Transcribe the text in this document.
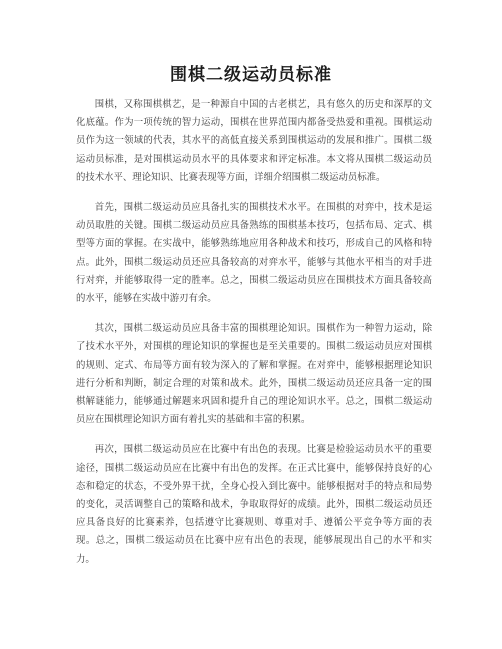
围棋二级运动员标准

围棋，又称围棋棋艺，是一种源自中国的古老棋艺，具有悠久的历史和深厚的文化底蕴。作为一项传统的智力运动，围棋在世界范围内都备受热爱和重视。围棋运动员作为这一领域的代表，其水平的高低直接关系到围棋运动的发展和推广。围棋二级运动员标准，是对围棋运动员水平的具体要求和评定标准。本文将从围棋二级运动员的技术水平、理论知识、比赛表现等方面，详细介绍围棋二级运动员标准。

首先，围棋二级运动员应具备扎实的围棋技术水平。在围棋的对弈中，技术是运动员取胜的关键。围棋二级运动员应具备熟练的围棋基本技巧，包括布局、定式、棋型等方面的掌握。在实战中，能够熟练地应用各种战术和技巧，形成自己的风格和特点。此外，围棋二级运动员还应具备较高的对弈水平，能够与其他水平相当的对手进行对弈，并能够取得一定的胜率。总之，围棋二级运动员应在围棋技术方面具备较高的水平，能够在实战中游刃有余。

其次，围棋二级运动员应具备丰富的围棋理论知识。围棋作为一种智力运动，除了技术水平外，对围棋的理论知识的掌握也是至关重要的。围棋二级运动员应对围棋的规则、定式、布局等方面有较为深入的了解和掌握。在对弈中，能够根据理论知识进行分析和判断，制定合理的对策和战术。此外，围棋二级运动员还应具备一定的围棋解谜能力，能够通过解题来巩固和提升自己的理论知识水平。总之，围棋二级运动员应在围棋理论知识方面有着扎实的基础和丰富的积累。

再次，围棋二级运动员应在比赛中有出色的表现。比赛是检验运动员水平的重要途径，围棋二级运动员应在比赛中有出色的发挥。在正式比赛中，能够保持良好的心态和稳定的状态，不受外界干扰，全身心投入到比赛中。能够根据对手的特点和局势的变化，灵活调整自己的策略和战术，争取取得好的成绩。此外，围棋二级运动员还应具备良好的比赛素养，包括遵守比赛规则、尊重对手、遵循公平竞争等方面的表现。总之，围棋二级运动员在比赛中应有出色的表现，能够展现出自己的水平和实力。
